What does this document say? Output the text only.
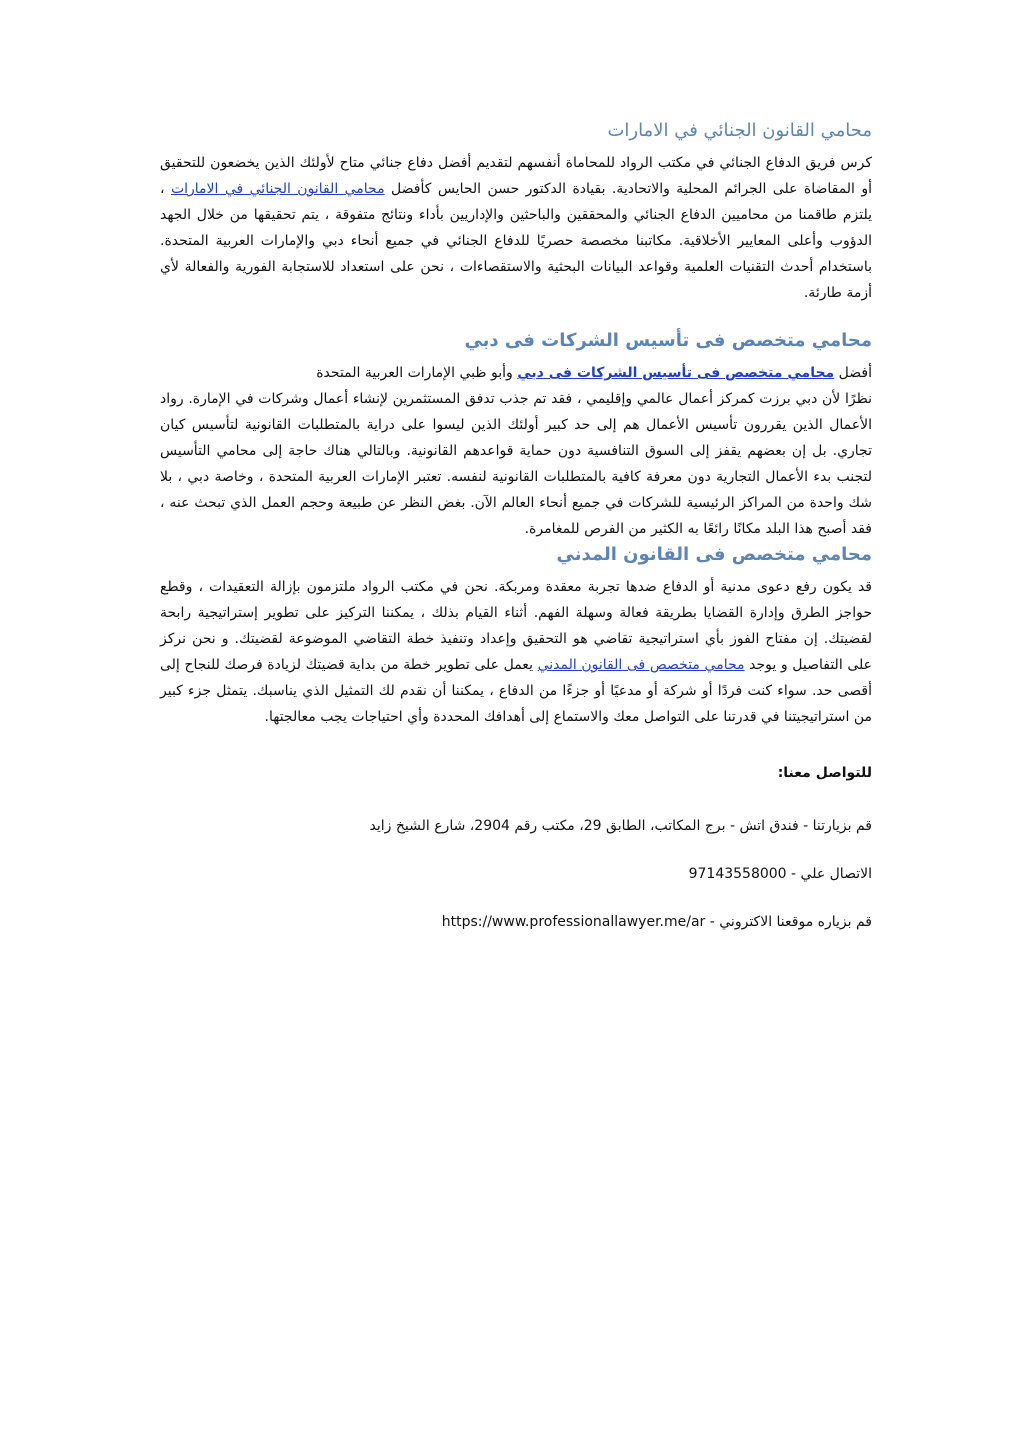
محامي القانون الجنائي في الامارات

كرس فريق الدفاع الجنائي في مكتب الرواد للمحاماة أنفسهم لتقديم أفضل دفاع جنائي متاح لأولئك الذين يخضعون للتحقيق أو المقاضاة على الجرائم المحلية والاتحادية. بقيادة الدكتور حسن الحايس كأفضل محامي القانون الجنائي في الامارات ، يلتزم طاقمنا من محاميين الدفاع الجنائي والمحققين والباحثين والإداريين بأداء ونتائج متفوقة ، يتم تحقيقها من خلال الجهد الدؤوب وأعلى المعايير الأخلاقية. مكاتبنا مخصصة حصريًا للدفاع الجنائي في جميع أنحاء دبي والإمارات العربية المتحدة. باستخدام أحدث التقنيات العلمية وقواعد البيانات البحثية والاستقصاءات ، نحن على استعداد للاستجابة الفورية والفعالة لأي أزمة طارئة.

محامي متخصص فى تأسيس الشركات فى دبي

أفضل محامي متخصص فى تأسيس الشركات فى دبي وأبو ظبي الإمارات العربية المتحدة

نظرًا لأن دبي برزت كمركز أعمال عالمي وإقليمي ، فقد تم جذب تدفق المستثمرين لإنشاء أعمال وشركات في الإمارة. رواد الأعمال الذين يقررون تأسيس الأعمال هم إلى حد كبير أولئك الذين ليسوا على دراية بالمتطلبات القانونية لتأسيس كيان تجاري. بل إن بعضهم يقفز إلى السوق التنافسية دون حماية قواعدهم القانونية. وبالتالي هناك حاجة إلى محامي التأسيس لتجنب بدء الأعمال التجارية دون معرفة كافية بالمتطلبات القانونية لنفسه. تعتبر الإمارات العربية المتحدة ، وخاصة دبي ، بلا شك واحدة من المراكز الرئيسية للشركات في جميع أنحاء العالم الآن. بغض النظر عن طبيعة وحجم العمل الذي تبحث عنه ، فقد أصبح هذا البلد مكانًا رائعًا به الكثير من الفرص للمغامرة.

محامي متخصص فى القانون المدني

قد يكون رفع دعوى مدنية أو الدفاع ضدها تجربة معقدة ومربكة. نحن في مكتب الرواد ملتزمون بإزالة التعقيدات ، وقطع حواجز الطرق وإدارة القضايا بطريقة فعالة وسهلة الفهم. أثناء القيام بذلك ، يمكننا التركيز على تطوير إستراتيجية رابحة لقضيتك. إن مفتاح الفوز بأي استراتيجية تقاضي هو التحقيق وإعداد وتنفيذ خطة التقاضي الموضوعة لقضيتك. و نحن نركز على التفاصيل و يوجد محامي متخصص فى القانون المدني يعمل على تطوير خطة من بداية قضيتك لزيادة فرصك للنجاح إلى أقصى حد. سواء كنت فردًا أو شركة أو مدعيًا أو جزءًا من الدفاع ، يمكننا أن نقدم لك التمثيل الذي يناسبك. يتمثل جزء كبير من استراتيجيتنا في قدرتنا على التواصل معك والاستماع إلى أهدافك المحددة وأي احتياجات يجب معالجتها.

للتواصل معنا:
قم بزيارتنا - فندق اتش - برج المكاتب، الطابق 29، مكتب رقم 2904، شارع الشيخ زايد
الاتصال علي - 97143558000
قم بزياره موقعنا الاكتروني - https://www.professionallawyer.me/ar
